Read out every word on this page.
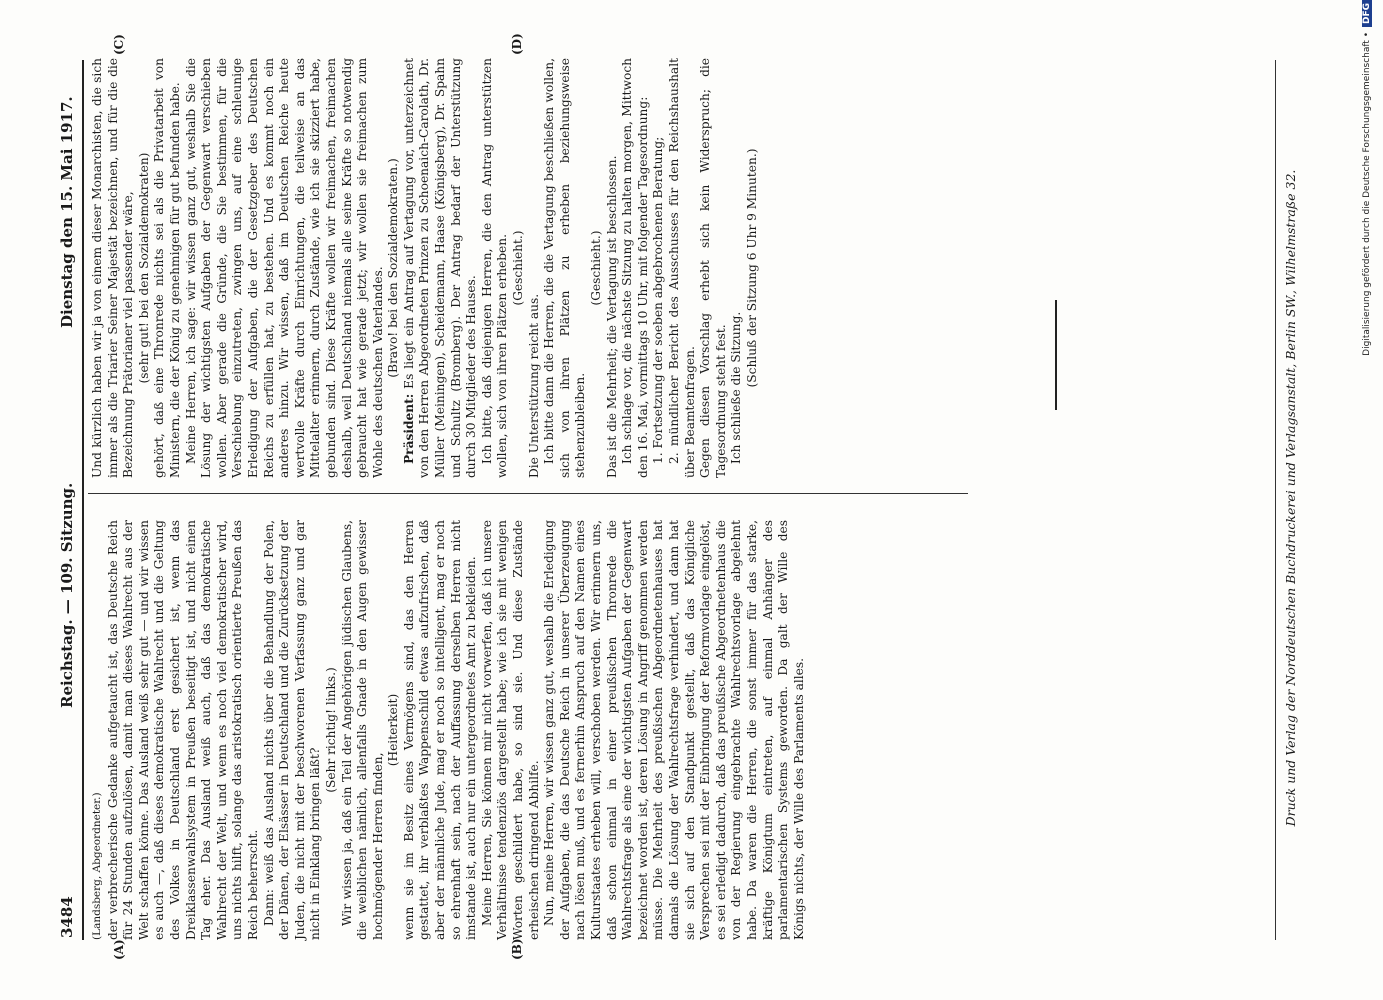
3484
Reichstag. — 109. Sitzung.
Dienstag den 15. Mai 1917.
(A)	(B)
(C)	(D)

(Landsberg, Abgeordneter.) der verbrecherische Gedanke aufgetaucht ist, das Deutsche Reich für 24 Stunden aufzulösen, damit man dieses Wahlrecht aus der Welt schaffen könne. Das Ausland weiß sehr gut — und wir wissen es auch —, daß dieses demokratische Wahlrecht und die Geltung des Volkes in Deutschland erst gesichert ist, wenn das Dreiklassenwahlsystem in Preußen beseitigt ist, und nicht einen Tag eher. Das Ausland weiß auch, daß das demokratische Wahlrecht der Welt, und wenn es noch viel demokratischer wird, uns nichts hilft, solange das aristokratisch orientierte Preußen das Reich beherrscht. Dann: weiß das Ausland nichts über die Behandlung der Polen, der Dänen, der Elsässer in Deutschland und die Zurücksetzung der Juden, die nicht mit der beschworenen Verfassung ganz und gar nicht in Einklang bringen läßt?

(Sehr richtig! links.) Wir wissen ja, daß ein Teil der Angehörigen jüdischen Glaubens, die weiblichen nämlich, allenfalls Gnade in den Augen gewisser hochmögender Herren finden,

(Heiterkeit) wenn sie im Besitz eines Vermögens sind, das den Herren gestattet, ihr verblaßtes Wappenschild etwas aufzufrischen, daß aber der männliche Jude, mag er noch so intelligent, mag er noch so ehrenhaft sein, nach der Auffassung derselben Herren nicht imstande ist, auch nur ein untergeordnetes Amt zu bekleiden. Meine Herren, Sie können mir nicht vorwerfen, daß ich unsere Verhältnisse tendenziös dargestellt habe; wie ich sie mit wenigen Worten geschildert habe, so sind sie. Und diese Zustände erheischen dringend Abhilfe. Nun, meine Herren, wir wissen ganz gut, weshalb die Erledigung der Aufgaben, die das Deutsche Reich in unserer Überzeugung nach lösen muß, und es fernerhin Anspruch auf den Namen eines Kulturstaates erheben will, verschoben werden. Wir erinnern uns, daß schon einmal in einer preußischen Thronrede die Wahlrechtsfrage als eine der wichtigsten Aufgaben der Gegenwart bezeichnet worden ist, deren Lösung in Angriff genommen werden müsse. Die Mehrheit des preußischen Abgeordnetenhauses hat damals die Lösung der Wahlrechtsfrage verhindert, und dann hat sie sich auf den Standpunkt gestellt, daß das Königliche Versprechen sei mit der Einbringung der Reformvorlage eingelöst, es sei erledigt dadurch, daß das preußische Abgeordnetenhaus die von der Regierung eingebrachte Wahlrechtsvorlage abgelehnt habe. Da waren die Herren, die sonst immer für das starke, kräftige Königtum eintreten, auf einmal Anhänger des parlamentarischen Systems geworden. Da galt der Wille des Königs nichts, der Wille des Parlaments alles.

Und kürzlich haben wir ja von einem dieser Monarchisten, die sich immer als die Triarier Seiner Majestät bezeichnen, und für die die Bezeichnung Prätorianer viel passender wäre, (sehr gut! bei den Sozialdemokraten) gehört, daß eine Thronrede nichts sei als die Privatarbeit von Ministern, die der König zu genehmigen für gut befunden habe. Meine Herren, ich sage: wir wissen ganz gut, weshalb Sie die Lösung der wichtigsten Aufgaben der Gegenwart verschieben wollen. Aber gerade die Gründe, die Sie bestimmen, für die Verschiebung einzutreten, zwingen uns, auf eine schleunige Erledigung der Aufgaben, die der Gesetzgeber des Deutschen Reichs zu erfüllen hat, zu bestehen. Und es kommt noch ein anderes hinzu. Wir wissen, daß im Deutschen Reiche heute wertvolle Kräfte durch Einrichtungen, die teilweise an das Mittelalter erinnern, durch Zustände, wie ich sie skizziert habe, gebunden sind. Diese Kräfte wollen wir freimachen, freimachen deshalb, weil Deutschland niemals alle seine Kräfte so notwendig gebraucht hat wie gerade jetzt; wir wollen sie freimachen zum Wohle des deutschen Vaterlandes. (Bravo! bei den Sozialdemokraten.)

Präsident: Es liegt ein Antrag auf Vertagung vor, unterzeichnet von den Herren Abgeordneten Prinzen zu Schoenaich-Carolath, Dr. Müller (Meiningen), Scheidemann, Haase (Königsberg), Dr. Spahn und Schultz (Bromberg). Der Antrag bedarf der Unterstützung durch 30 Mitglieder des Hauses. Ich bitte, daß diejenigen Herren, die den Antrag unterstützen wollen, sich von ihren Plätzen erheben. (Geschieht.)

Die Unterstützung reicht aus. Ich bitte dann die Herren, die die Vertagung beschließen wollen, sich von ihren Plätzen zu erheben beziehungsweise stehenzubleiben.

(Geschieht.) Das ist die Mehrheit; die Vertagung ist beschlossen. Ich schlage vor, die nächste Sitzung zu halten morgen, Mittwoch den 16. Mai, vormittags 10 Uhr, mit folgender Tagesordnung: 1. Fortsetzung der soeben abgebrochenen Beratung; 2. mündlicher Bericht des Ausschusses für den Reichshaushalt über Beamtenfragen. Gegen diesen Vorschlag erhebt sich kein Widerspruch; die Tagesordnung steht fest. Ich schließe die Sitzung.

(Schluß der Sitzung 6 Uhr 9 Minuten.)	Druck und Verlag der Norddeutschen Buchdruckerei und Verlagsanstalt, Berlin SW., Wilhelmstraße 32.	Digitalisierung gefördert durch die Deutsche Forschungsgemeinschaft • DFG
